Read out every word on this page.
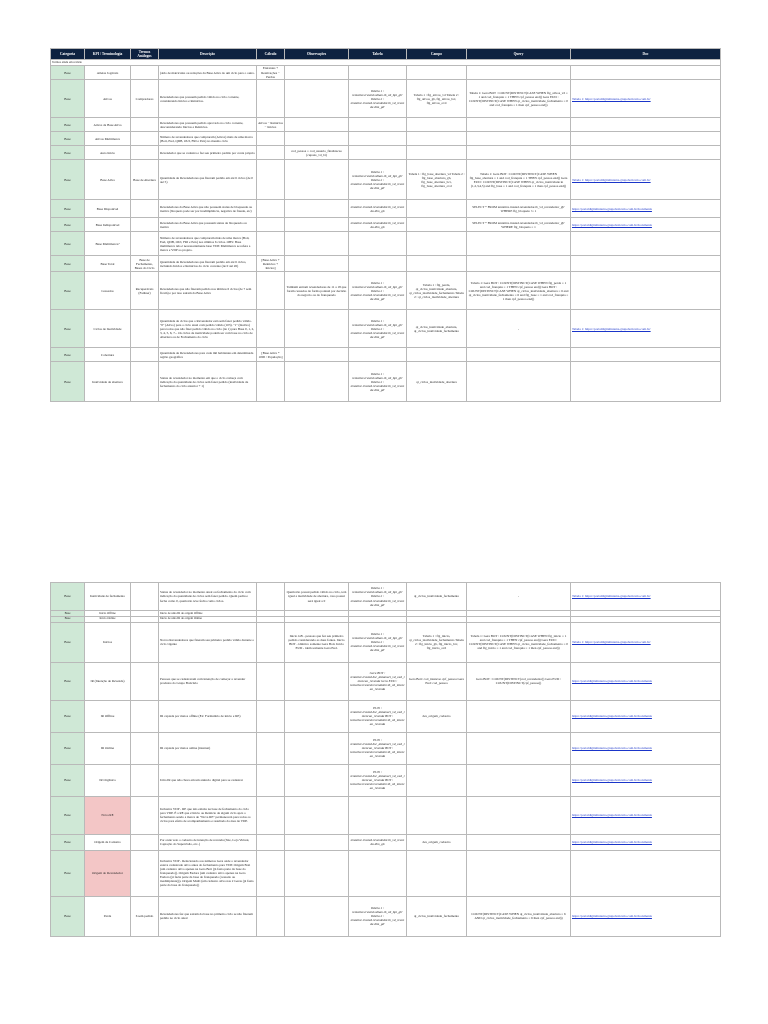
Categoria	KPI / Terminologia	Termos Análogos	Descrição	Cálculo	Observações	Tabela	Campo	Query	Doc
Termos ainda em revisão									
Base	Atletas Jogáveis		(aldo de matrículas ou redações da Base Ativa do um ciclo para o outro.	Entrantes + Reativações − Perdas					
Base	Ativos	Compradores	Revendedores que possuem pedido válido no ciclo corrente, considerando Inícios e Reinícios.			Tabela 1 : tentative.trusted.selkan.tb_vd_bpt_gb' Tabela 2 : tentative.trusted.revendedor.tb_vd_revenda dim_gb'	Tabela 1 : flg_ativos_vd Tabela 2 : flg_ativos_gb, flg_ativos_bcr, flg_ativos_ovd	Tabela 1: Gera BOT : COUNT(DISTINCT(CASE WHEN flg_ativos_vd = 1 and cod_franquia = 1 THEN cpf_pessoa end)) Gera EUD : COUNT(DISTINCT(CASE WHEN qt_ciclos_inatividade_fechamento = 0 and cod_franquia = 1 then cpf_pessoa end))	Tabela 1: https://portaldigitalinterna.grupoboticario.com.br/
Base	Ativos da Base Ativa		Revendedores que possuem pedido aprovado no ciclo corrente, desconsiderando Inícios e Reinícios.	Ativos − Reinícios − Inícios					
Base	Ativos Multimarca		Número de revendedores que compraram (Ativos) mais de uma marca (Boti, Eud, QDB, OUI, FRI e Pets) no mesmo ciclo						
Base	Auto Início		Revendedor que se cadastra e faz seu primeiro pedido por conta própria		cod_pessoa = cod_usuario_finalizacao (cupons_vd_bt)				
Base	Base Ativa	Base de Abertura	Quantidade de Revendedores que fizeram pedido em até 6 ciclos (de 0 até 5)			Tabela 1 : tentative.trusted.selkan.tb_vd_bpt_gb' Tabela 2 : tentative.trusted.revendedor.tb_vd_revenda dim_gb'	Tabela 1 : flg_base_abertura_vd Tabela 2 : flg_base_abertura_gb, flg_base_abertura_bcr, flg_base_abertura_ovd	Tabela 1: Gera BOT : COUNT(DISTINCT(CASE WHEN flg_base_abertura = 1 and cod_franquia = 1 THEN cpf_pessoa end)) Gera EUD : COUNT(DISTINCT(CASE WHEN qt_ciclos_inatividade in (1,2,3,4,5) and flg_base = 1 and cod_franquia = 1 then cpf_pessoa end))	Tabela 1: https://portaldigitalinterna.grupoboticario.com.br/
Base	Base Disponível		Revendedores da Base Ativa que não possuem status de bloqueada ou inativa (bloqueio pode ser por inadimplência, negativa de fraude, etc)			tentative.trusted.revendedor.tb_vd_revenda dim_gb		SELECT * FROM tentative.trusted.revendedor.tb_vd_revendedor_gb' WHERE flg_bloqueio != 1	https://portaldigitalinterna.grupoboticario.com.br/documents
Base	Base Indisponível		Revendedores da Base Ativa que possuem status de bloqueado ou inativo			tentative.trusted.revendedor.tb_vd_revenda dim_gb		SELECT * FROM tentative.trusted.revendedor.tb_vd_revendedor_gb' WHERE flg_bloqueio = 1	https://portaldigitalinterna.grupoboticario.com.br/documents
Base	Base Multimarca?		Número de revendedores que compraram mais de uma marca (Boti, Eud, QDB, OUI, FRI e Pets) nos últimos 6 ciclos. OBS: Base multimarca não é necessariamente base VDP. Multimarca se refere a marca e VDP ao projeto.						
Base	Base Total	Base de Fechamento, Bases do Ciclo	Quantidade de Revendedores que fizeram pedido em até 6 ciclos, incluindo Inícios e Reinícios do ciclo corrente (de 0 até 26)	[Base Ativa + Reinícios + Inícios]					
Base	Cessados	Recuperáveis (Fadiner)	Revendedores que não fizeram pedido nos últimos 6 ciclos (de 7 sem ficam) e por isso saíram da Base Ativa		Também entram revendedores de 11 a 18 que foram cessados de forma pontual por decisão do negócio ou do franqueado	Tabela 1 : tentative.trusted.selkan.tb_vd_bpt_gb' Tabela 2 : tentative.trusted.revendedor.tb_vd_revenda dim_gb'	Tabela 1 : flg_perda, qt_ciclos_inatividade_abertura, qt_ciclos_inatividade_fechamento Tabela 2 : qt_ciclos_inatividade_abertura	Tabela 1: Gera BOT : COUNT(DISTINCT(CASE WHEN flg_perda = 1 and cod_franquia = 1 THEN cpf_pessoa end)) Gera BOT : COUNT(DISTINCT(CASE WHEN qt_ciclos_inatividade_abertura = 6 and qt_ciclos_inatividade_fechamento = 6 and flg_base = 1 and cod_franquia = 1 then cpf_pessoa end))	
Base	Ciclos de Inatividade		Quantidade de ciclos que o Revendedor está sem fazer pedido válido. "0" (Ativo) para o ciclo atual com pedido válido (103). "1" (Inativo) para todos que não fizer pedido válido no ciclo (de 1) para Base 0, 1, 2, 3, 4, 5, 6, 7... Os ciclos de inatividade podem ser com base no ciclo de Abertura ou de Fechamento do ciclo			Tabela 1 : tentative.trusted.selkan.tb_vd_bpt_gb' Tabela 2 : tentative.trusted.revendedor.tb_vd_revenda dim_gb'	qt_ciclos_inatividade_abertura, qt_ciclos_inatividade_fechamento	-	Tabela 1: https://portaldigitalinterna.grupoboticario.com.br/
Base	Cobertura		Quantidade de Revendedores para cada mil habitantes em determinada região geográfica	[Base Ativa * 1000 / População]					
Base	Inatividade de abertura		Status do revendedor no momento em que o ciclo começa com indicação da quantidade de ciclos sem fazer pedido (inatividade de fechamento do ciclo anterior + 1)			Tabela 1 : tentative.trusted.selkan.tb_vd_bpt_gb' Tabela 2 : tentative.trusted.revendedor.tb_vd_revenda dim_gb'	qt_ciclos_inatividade_abertura		
Base	Inatividade de fechamento		Status do revendedor no momento atual ou fechamento do ciclo com indicação da quantidade de ciclos sem fazer pedido. Quem pediu e fecha como 0, quem não teve fecha como ciclos.		Quem não possui pedido válido no ciclo, terá igual a inatividade de abertura, caso possui será igual a 0	Tabela 1 : tentative.trusted.selkan.tb_vd_bpt_gb' Tabela 2 : tentative.trusted.revendedor.tb_vd_revenda dim_gb'	qt_ciclos_inatividade_fechamento	-	Tabela 1: https://portaldigitalinterna.grupoboticario.com.br/
Base	Início Offline		Início de uma IR de origem Offline						
Base	Início Online		Início de uma IR de origem Online						
Base	Inícios		Novos Revendedores que fizeram seu primeiro pedido válido durante o ciclo vigente		Início GB - pessoas que fez seu primeiro pedido considerando as duas fontes. Início BOT - idêntico somente Gera Boti. Início EUD - idem somente Gera Eud.	Tabela 1 : tentative.trusted.selkan.tb_vd_bpt_gb' Tabela 2 : tentative.trusted.revendedor.tb_vd_revenda dim_gb'	Tabela 1 : flg_inicio, qt_ciclos_inatividade_fechamento Tabela 2 : flg_inicio_gb, flg_inicio_bcr, flg_inicio_ovd	Tabela 1: Gera BOT : COUNT(DISTINCT(CASE WHEN flg_inicio = 1 and cod_franquia = 1 THEN cpf_pessoa end)) Gera EUD : COUNT(DISTINCT(CASE WHEN qt_ciclos_inatividade_fechamento = 0 and flg_inicio = 1 and cod_franquia = 1 then cpf_pessoa end))	Tabela 1: https://portaldigitalinterna.grupoboticario.com.br/
Base	IR (Intenção de Revenda)		Pessoas que se cadastraram com intenção de começar a revender produtos do Grupo Boticário			Gera BOT : tentative.trusted.bsc_datamart_vd_cad_intencao_revenda Gera EUD : tentative.trusted.revendedor.tb_vd_intencao_revenda	Gera Boti: cod_intencao cpf_pessoa Gera Eud: cod_pessoa	Gera BOT : COUNT(DISTINCT(cod_revendedor)) Gera EUD : COUNT(DISTINCT(cpf_pessoa))	https://portaldigitalinterna.grupoboticario.com.br/documents
Base	IR Offline		IR captada por meios offline (Ex: Formulário de início e RE)			EUD : tentative.trusted.bsc_datamart_vd_cad_intencao_revenda BOT : tentative.trusted.revendedor.tb_vd_intencao_revenda	des_origem_cadastro		https://portaldigitalinterna.grupoboticario.com.br/documents
Base	IR Online		IR captada por meios online (internet)			EUD : tentative.trusted.bsc_datamart_vd_cad_intencao_revenda BOT : tentative.trusted.revendedor.tb_vd_intencao_revenda			https://portaldigitalinterna.grupoboticario.com.br/documents
Base	IR Orgânica		Uma IR que não chora em um anúncio digital para se cadastrar			EUD : tentative.trusted.bsc_datamart_vd_cad_intencao_revenda BOT : tentative.trusted.revendedor.tb_vd_intencao_revenda			https://portaldigitalinterna.grupoboticario.com.br/documents
Base	Nova RE		Inclusive VDP - RE que não existia na base de fechamento do ciclo para VDP. É a RE que é Início ou Reinício de algum ciclo após o fechamento sendo a marca de "Nova RE" permanecerá para todos os ciclos para efeito de acompanhamento e resultado da área de VDP.						https://portaldigitalinterna.grupoboticario.com.br/documents
Base	Origem de Cadastro		Por onde veio o cadastro de intenção de revenda (Site, Loja Virtual, Captação do Supervisão, etc..)			tentative.trusted.revendedor.tb_vd_revenda dim_gb	des_origem_cadastro		https://portaldigitalinterna.grupoboticario.com.br/documents
Base	Origem do Revendedor		Inclusive VDP - Relacionado aos números Gera onde o revendedor estava cadastrado ativo antes do fechamento para VDP. Origem Boti (um cadastro ativo apenas na Gera Boti (já fazia parte da base do franqueado)). Origem Eudora (um cadastro ativo apenas na Gera Eudora (já fazia parte da base do franqueado (cessado ou inadimplente))). Origem Multi (um cadastro ativo nas 2 Geras (já fazia parte da base do franqueado))						
Base	Perda	6 sem pedido	Revendedores fez que saíram da base no primeiro ciclo se não fizerem pedido no ciclo atual			Tabela 1 : tentative.trusted.selkan.tb_vd_bpt_gb' Tabela 2 : tentative.trusted.revendedor.tb_vd_revenda dim_gb'	qt_ciclos_inatividade_fechamento	COUNT(DISTINCT(CASE WHEN qt_ciclos_inatividade_abertura = 6 AND qt_ciclos_inatividade_fechamento = 6 then cpf_pessoa end))	https://portaldigitalinterna.grupoboticario.com.br/documents
